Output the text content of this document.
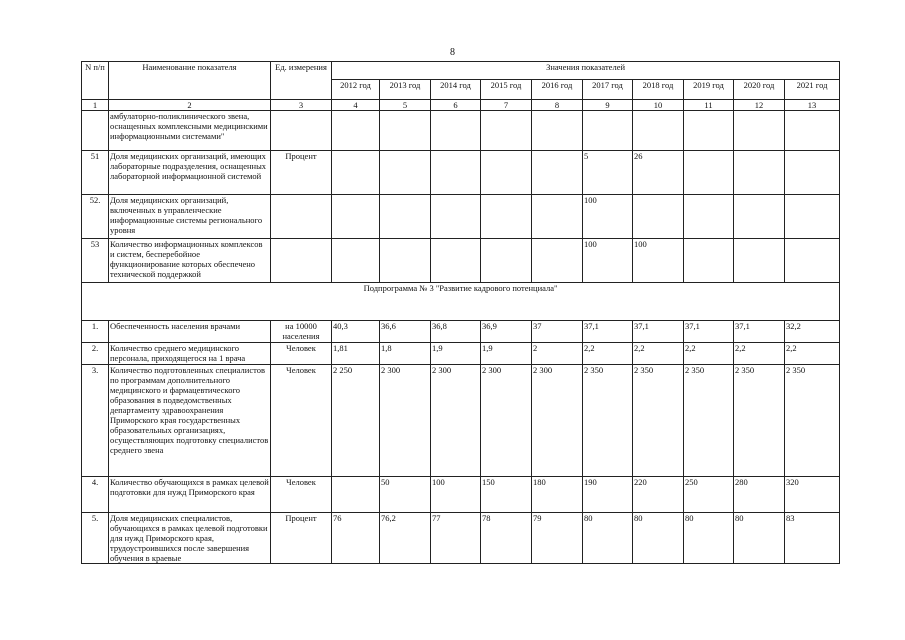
8
N п/п	Наименование показателя	Ед. измерения	Значения показателей									
			2012 год	2013 год	2014 год	2015 год	2016 год	2017 год	2018 год	2019 год	2020 год	2021 год
1	2	3	4	5	6	7	8	9	10	11	12	13
	амбулаторно-поликлинического звена, оснащенных комплексными медицинскими информационными системами"											
51	Доля медицинских организаций, имеющих лабораторные подразделения, оснащенных лабораторной информационной системой	Процент						5	26			
52.	Доля медицинских организаций, включенных в управленческие информационные системы регионального уровня							100				
53	Количество информационных комплексов и систем, бесперебойное функционирование которых обеспечено технической поддержкой							100	100			
Подпрограмма № 3 "Развитие кадрового потенциала"												
1.	Обеспеченность населения врачами	на 10000 населения	40,3	36,6	36,8	36,9	37	37,1	37,1	37,1	37,1	32,2
2.	Количество среднего медицинского персонала, приходящегося на 1 врача	Человек	1,81	1,8	1,9	1,9	2	2,2	2,2	2,2	2,2	2,2
3.	Количество подготовленных специалистов по программам дополнительного медицинского и фармацевтического образования в подведомственных департаменту здравоохранения Приморского края государственных образовательных организациях, осуществляющих подготовку специалистов среднего звена	Человек	2 250	2 300	2 300	2 300	2 300	2 350	2 350	2 350	2 350	2 350
4.	Количество обучающихся в рамках целевой подготовки для нужд Приморского края	Человек		50	100	150	180	190	220	250	280	320
5.	Доля медицинских специалистов, обучающихся в рамках целевой подготовки для нужд Приморского края, трудоустроившихся после завершения обучения в краевые	Процент	76	76,2	77	78	79	80	80	80	80	83
